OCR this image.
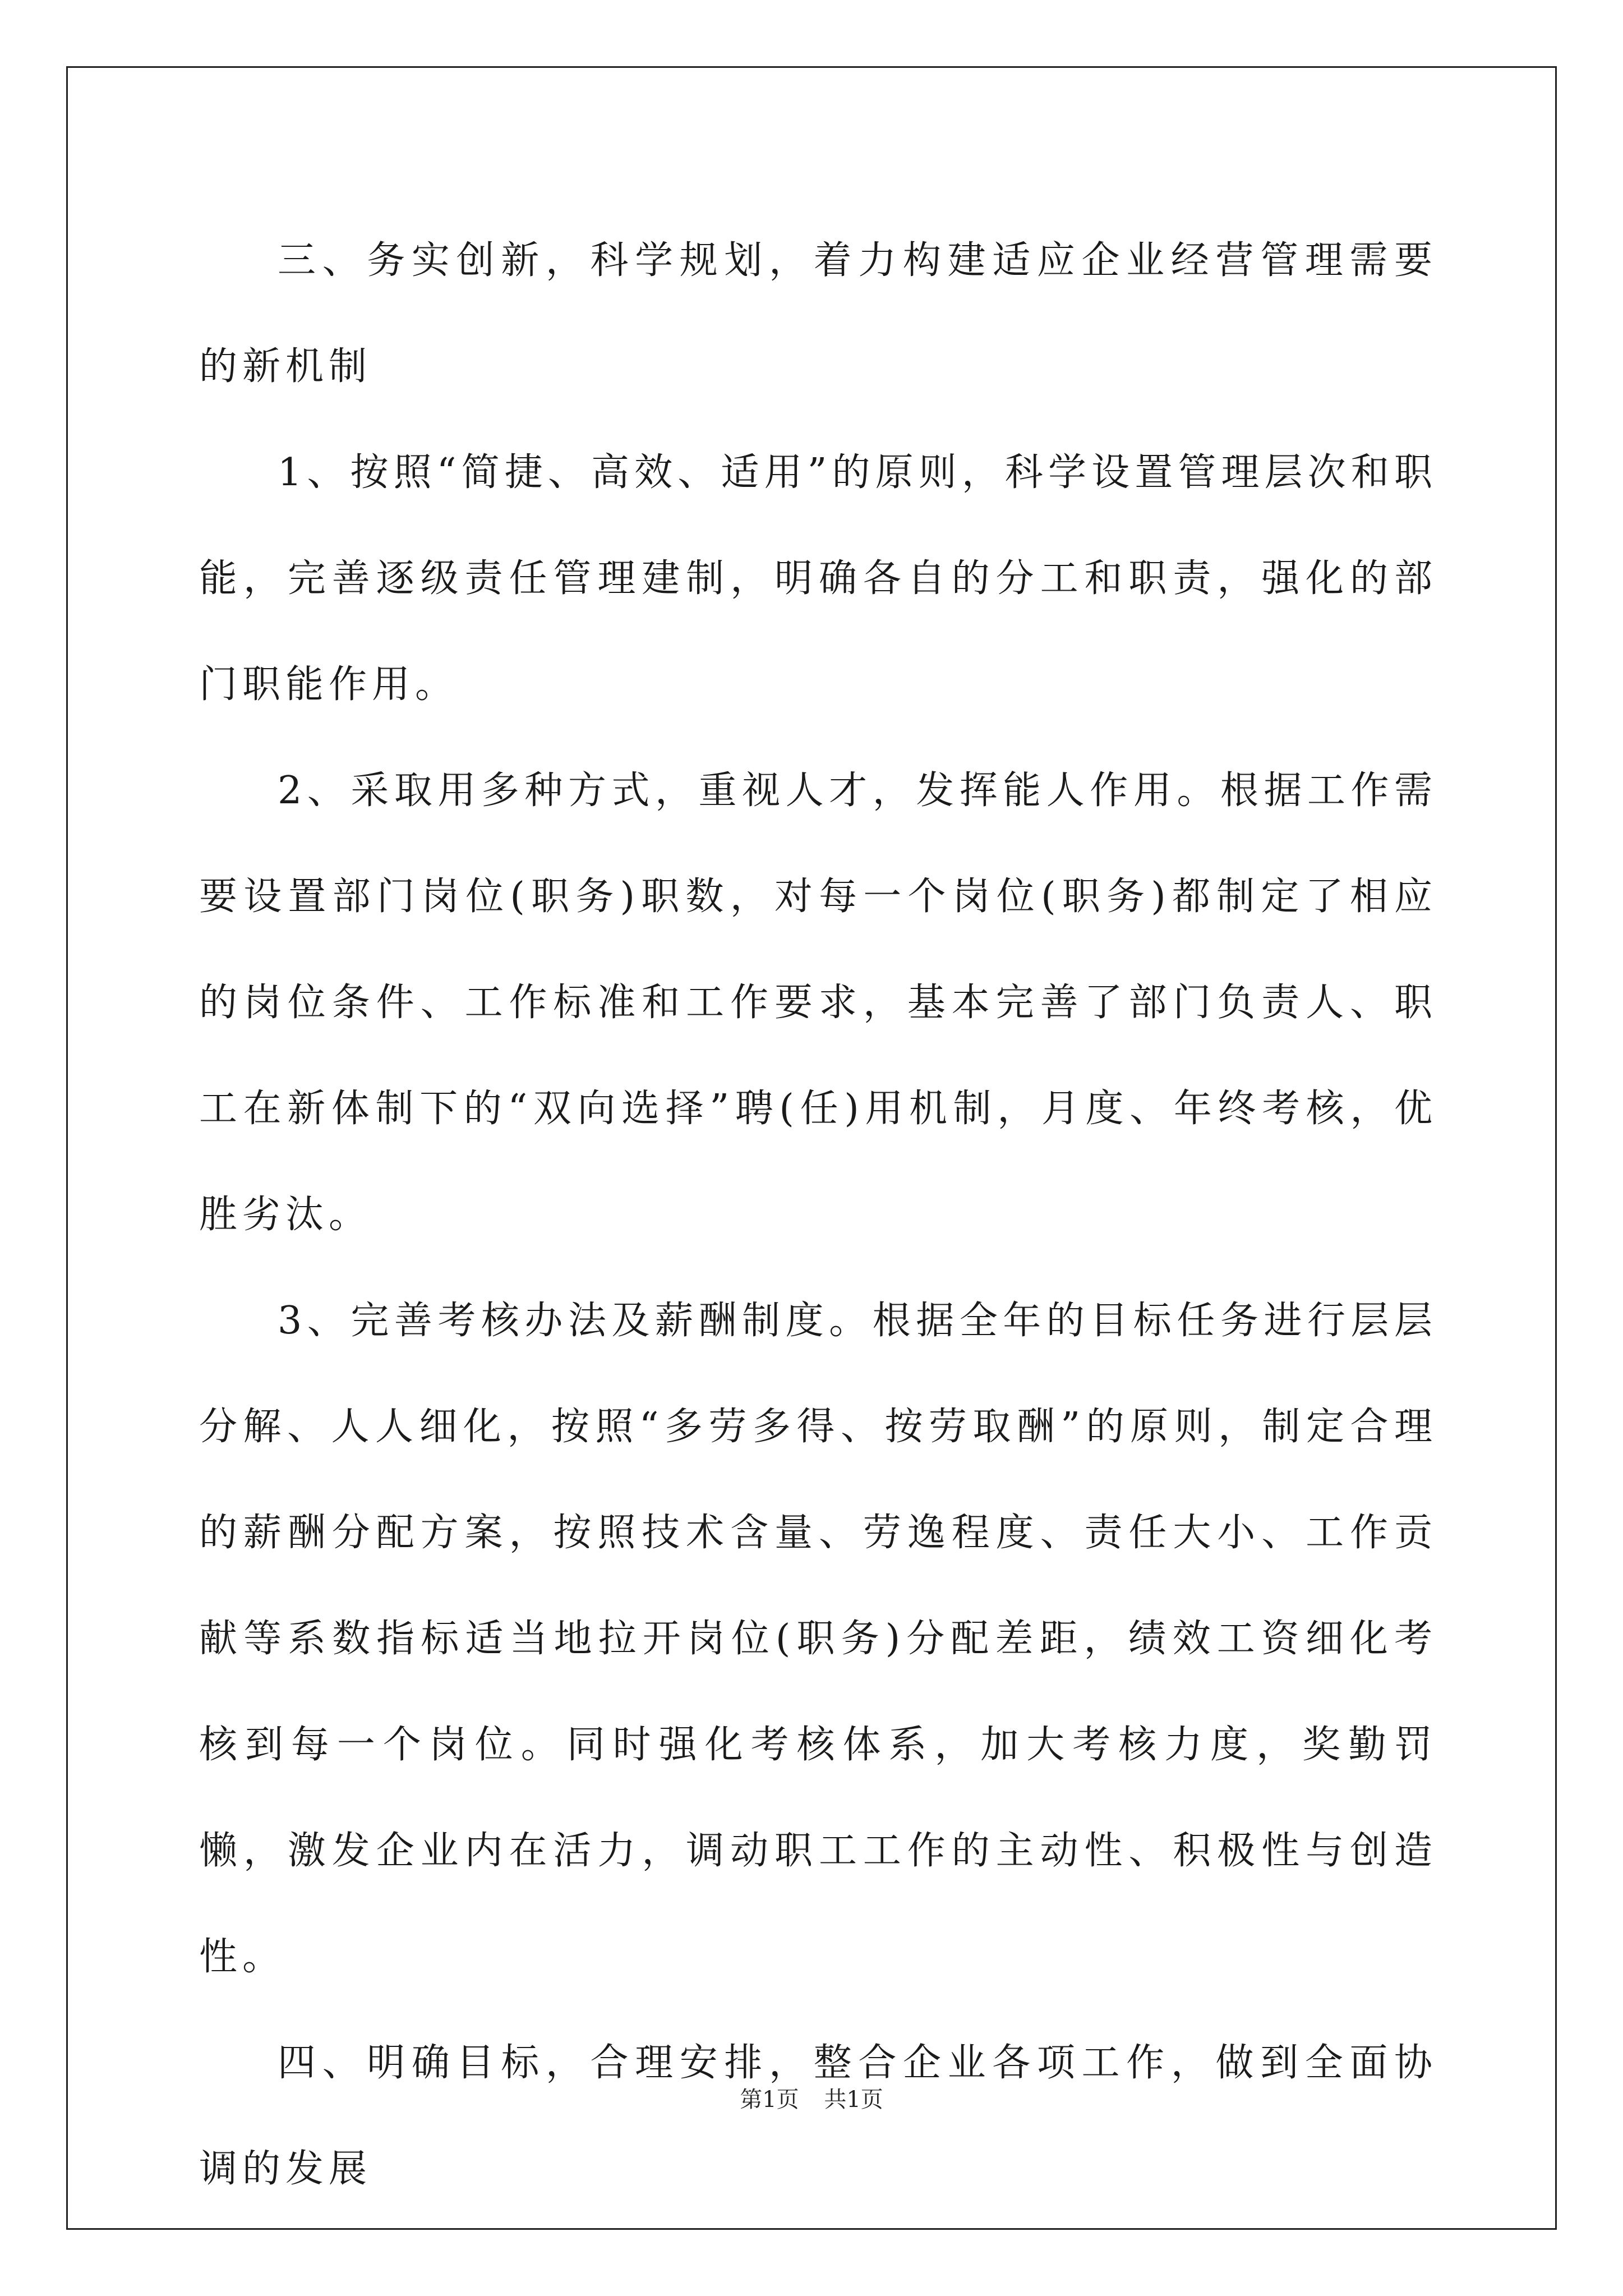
三、务实创新，科学规划，着力构建适应企业经营管理需要的新机制

1、按照“简捷、高效、适用”的原则，科学设置管理层次和职能，完善逐级责任管理建制，明确各自的分工和职责，强化的部门职能作用。

2、采取用多种方式，重视人才，发挥能人作用。根据工作需要设置部门岗位(职务)职数，对每一个岗位(职务)都制定了相应的岗位条件、工作标准和工作要求，基本完善了部门负责人、职工在新体制下的“双向选择”聘(任)用机制，月度、年终考核，优胜劣汰。

3、完善考核办法及薪酬制度。根据全年的目标任务进行层层分解、人人细化，按照“多劳多得、按劳取酬”的原则，制定合理的薪酬分配方案，按照技术含量、劳逸程度、责任大小、工作贡献等系数指标适当地拉开岗位(职务)分配差距，绩效工资细化考核到每一个岗位。同时强化考核体系，加大考核力度，奖勤罚懒，激发企业内在活力，调动职工工作的主动性、积极性与创造性。

四、明确目标，合理安排，整合企业各项工作，做到全面协调的发展

第1页 共1页
